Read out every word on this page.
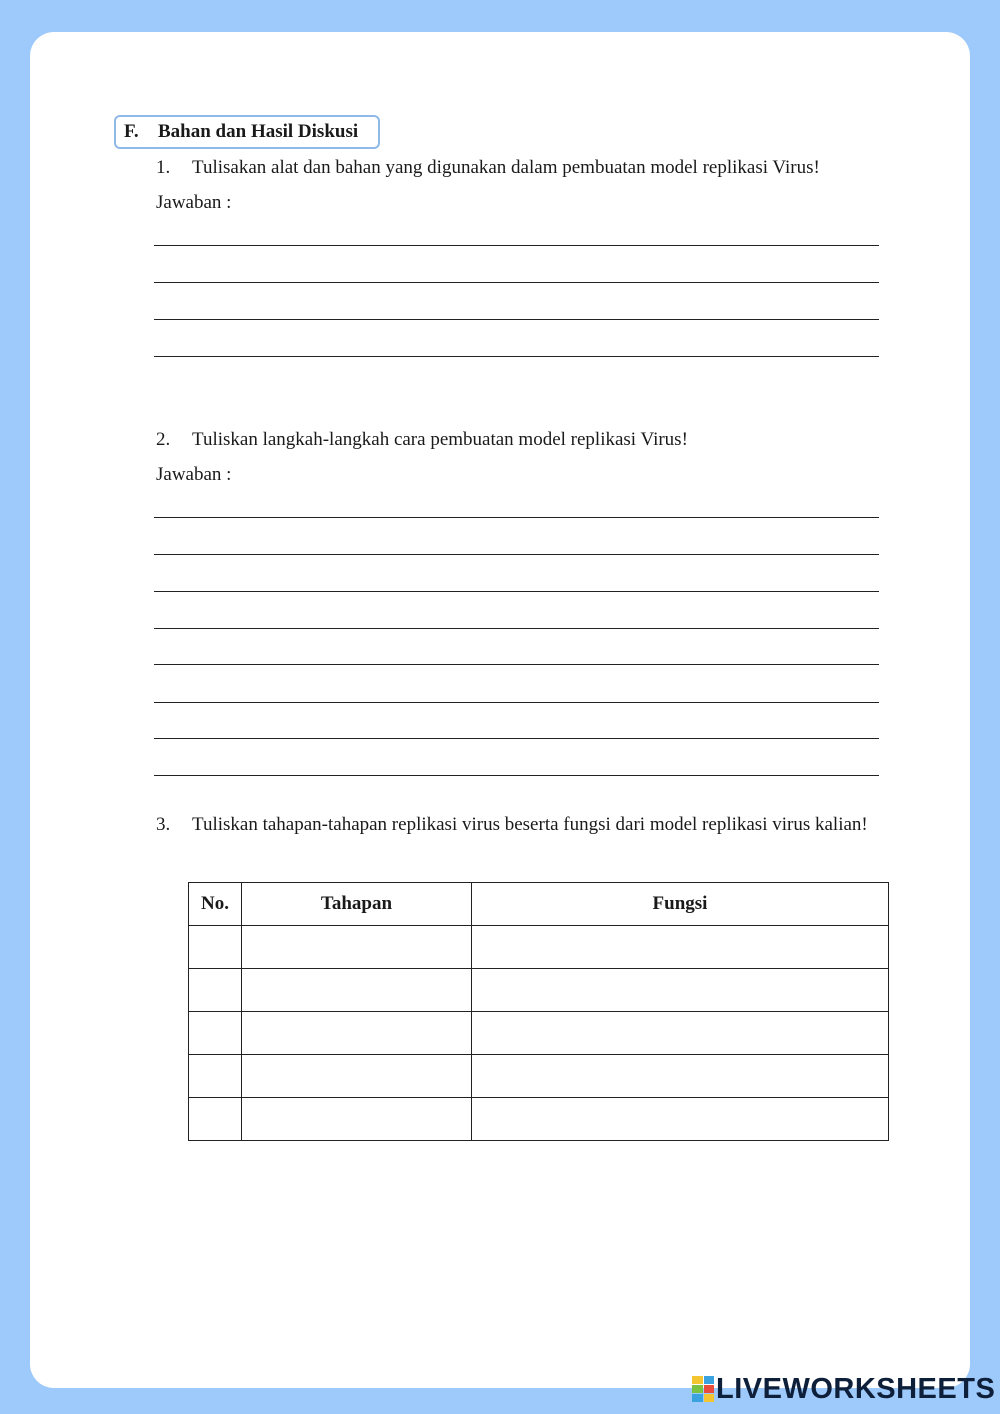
F. Bahan dan Hasil Diskusi
1. Tulisakan alat dan bahan yang digunakan dalam pembuatan model replikasi Virus!
Jawaban :
2. Tuliskan langkah-langkah cara pembuatan model replikasi Virus!
Jawaban :
3. Tuliskan tahapan-tahapan replikasi virus beserta fungsi dari model replikasi virus kalian!
No.	Tahapan	Fungsi

LIVEWORKSHEETS
